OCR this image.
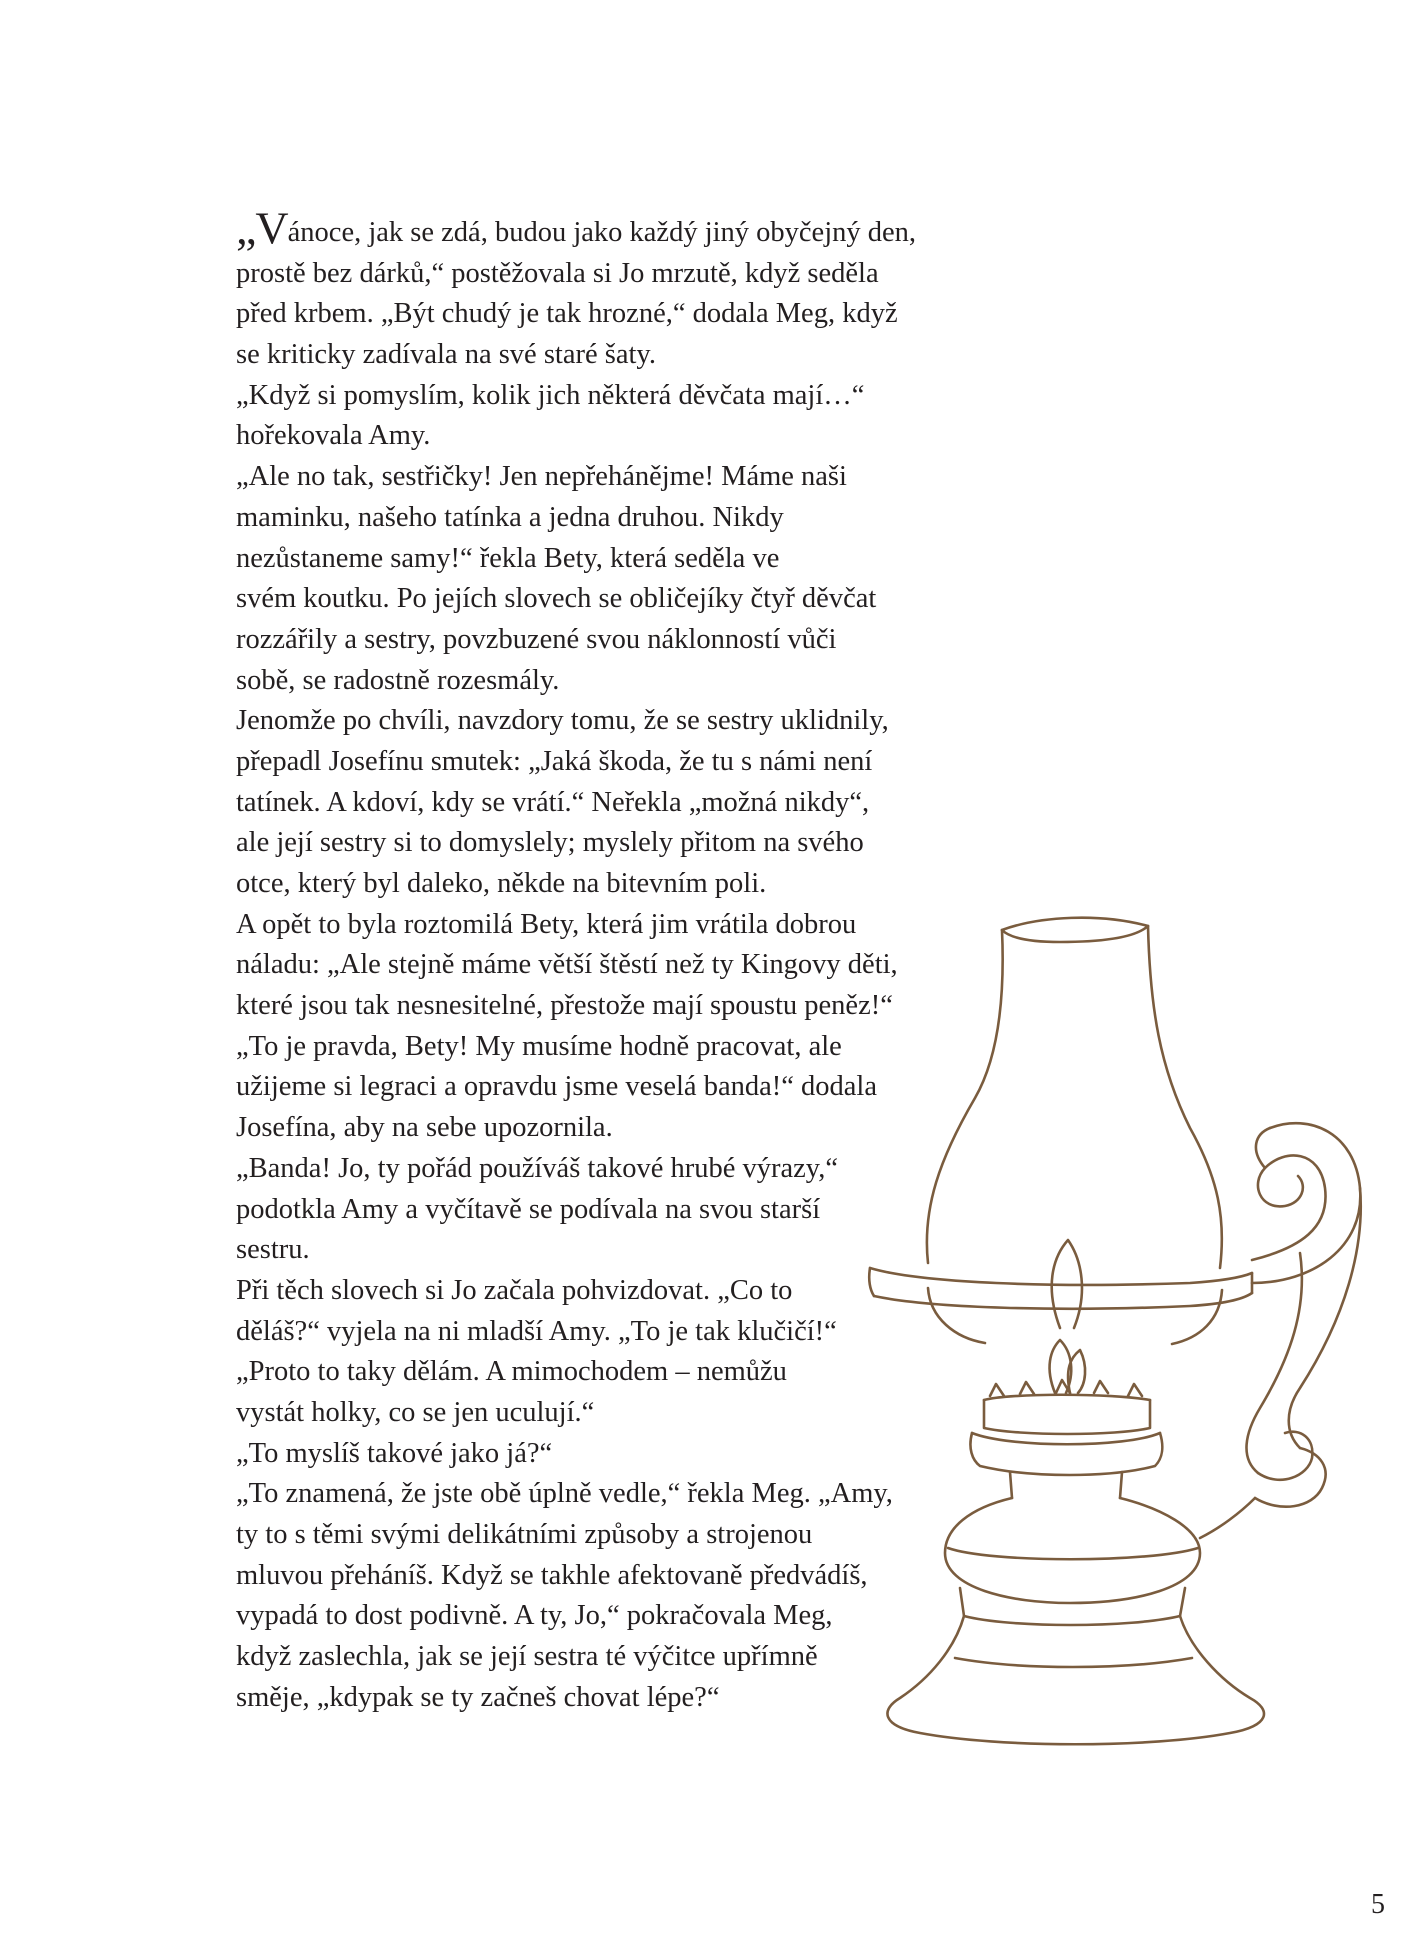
„Vánoce, jak se zdá, budou jako každý jiný obyčejný den,
prostě bez dárků,“ postěžovala si Jo mrzutě, když seděla
před krbem. „Být chudý je tak hrozné,“ dodala Meg, když
se kriticky zadívala na své staré šaty.
„Když si pomyslím, kolik jich některá děvčata mají…“
hořekovala Amy.
„Ale no tak, sestřičky! Jen nepřehánějme! Máme naši
maminku, našeho tatínka a jedna druhou. Nikdy
nezůstaneme samy!“ řekla Bety, která seděla ve
svém koutku. Po jejích slovech se obličejíky čtyř děvčat
rozzářily a sestry, povzbuzené svou náklonností vůči
sobě, se radostně rozesmály.
Jenomže po chvíli, navzdory tomu, že se sestry uklidnily,
přepadl Josefínu smutek: „Jaká škoda, že tu s námi není
tatínek. A kdoví, kdy se vrátí.“ Neřekla „možná nikdy“,
ale její sestry si to domyslely; myslely přitom na svého
otce, který byl daleko, někde na bitevním poli.
A opět to byla roztomilá Bety, která jim vrátila dobrou
náladu: „Ale stejně máme větší štěstí než ty Kingovy děti,
které jsou tak nesnesitelné, přestože mají spoustu peněz!“
„To je pravda, Bety! My musíme hodně pracovat, ale
užijeme si legraci a opravdu jsme veselá banda!“ dodala
Josefína, aby na sebe upozornila.
„Banda! Jo, ty pořád používáš takové hrubé výrazy,“
podotkla Amy a vyčítavě se podívala na svou starší
sestru.
Při těch slovech si Jo začala pohvizdovat. „Co to
děláš?“ vyjela na ni mladší Amy. „To je tak klučičí!“
„Proto to taky dělám. A mimochodem – nemůžu
vystát holky, co se jen uculují.“
„To myslíš takové jako já?“
„To znamená, že jste obě úplně vedle,“ řekla Meg. „Amy,
ty to s těmi svými delikátními způsoby a strojenou
mluvou přeháníš. Když se takhle afektovaně předvádíš,
vypadá to dost podivně. A ty, Jo,“ pokračovala Meg,
když zaslechla, jak se její sestra té výčitce upřímně
směje, „kdypak se ty začneš chovat lépe?“
5
